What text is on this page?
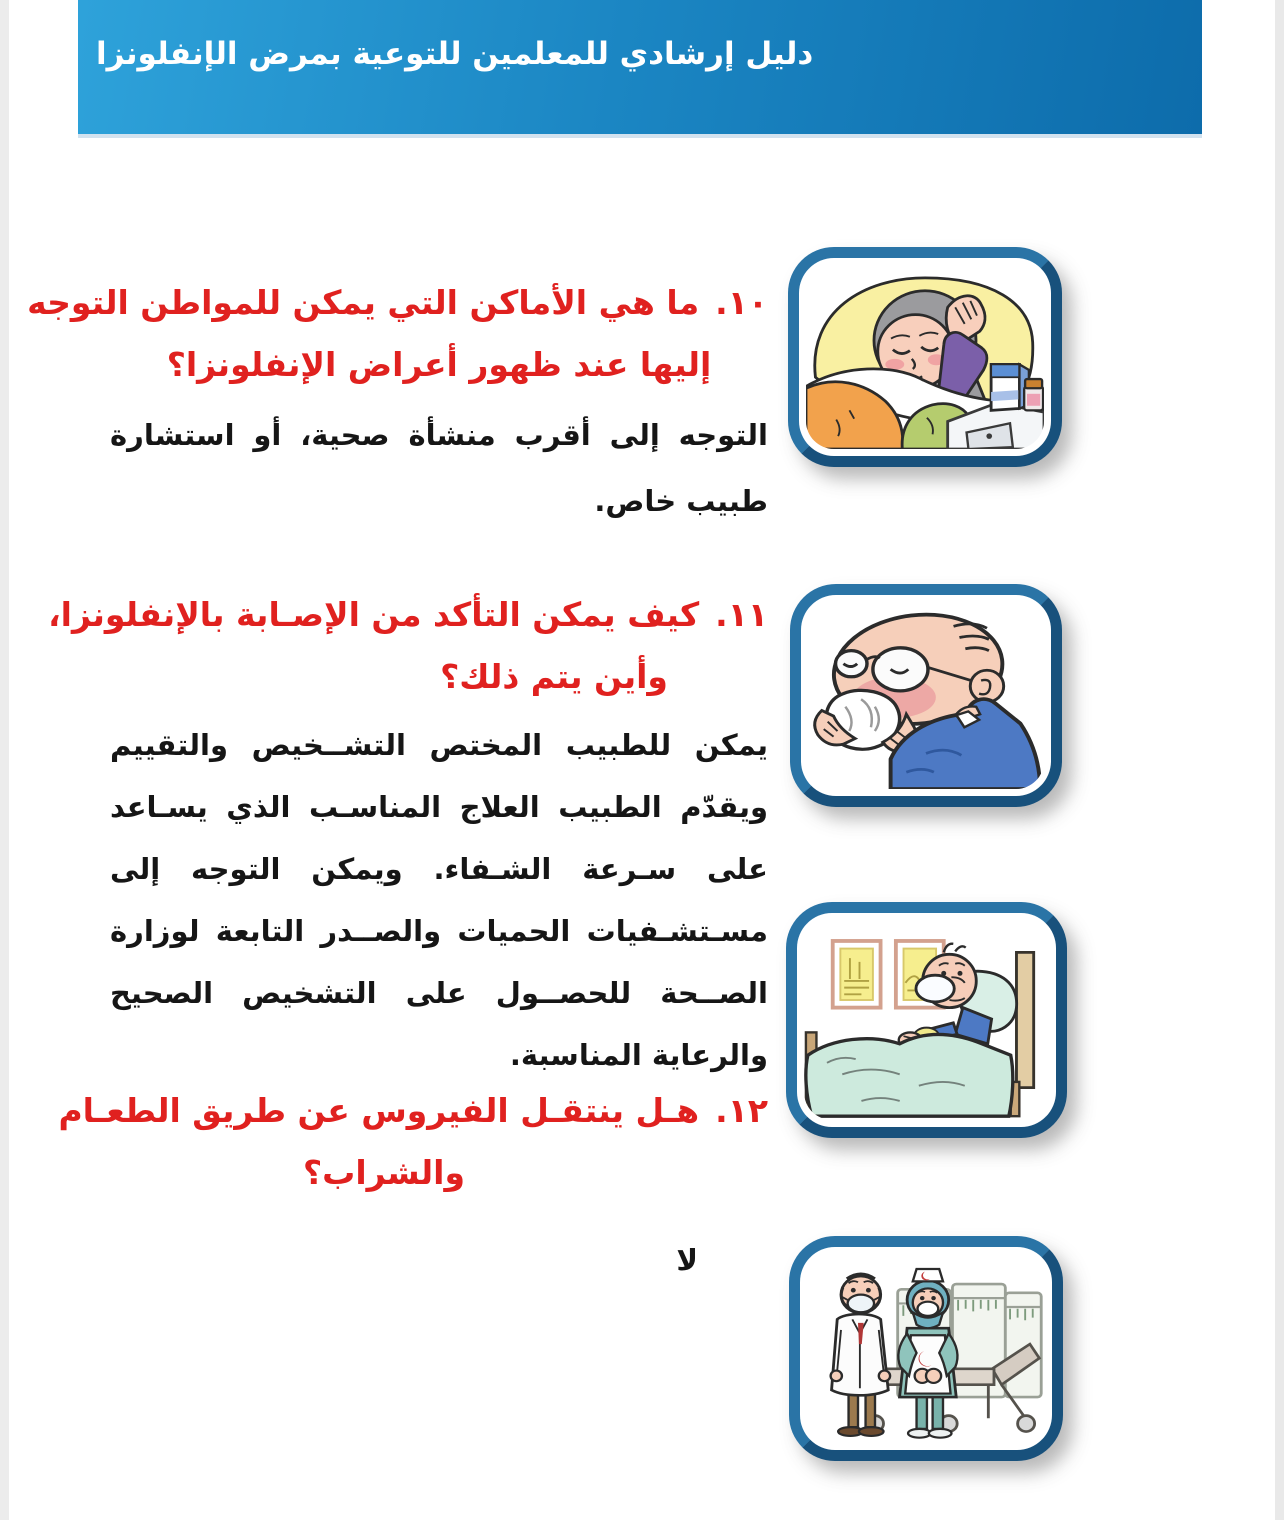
دليل إرشادي للمعلمين للتوعية بمرض الإنفلونزا
١٠.ما هي الأماكن التي يمكن للمواطن التوجه
إليها عند ظهور أعراض الإنفلونزا؟
التوجه إلى أقرب منشأة صحية، أو استشارة طبيب خاص.
١١.كيف يمكن التأكد من الإصـابة بالإنفلونزا،
وأين يتم ذلك؟
يمكن للطبيب المختص التشــخيص والتقييم ويقدّم الطبيب العلاج المناسـب الذي يسـاعد على سـرعة الشـفاء. ويمكن التوجه إلى مسـتشـفيات الحميات والصــدر التابعة لوزارة الصــحة للحصــول على التشخيص الصحيح والرعاية المناسبة.
١٢.هـل ينتقـل الفيروس عن طريق الطعـام
والشراب؟
لا
